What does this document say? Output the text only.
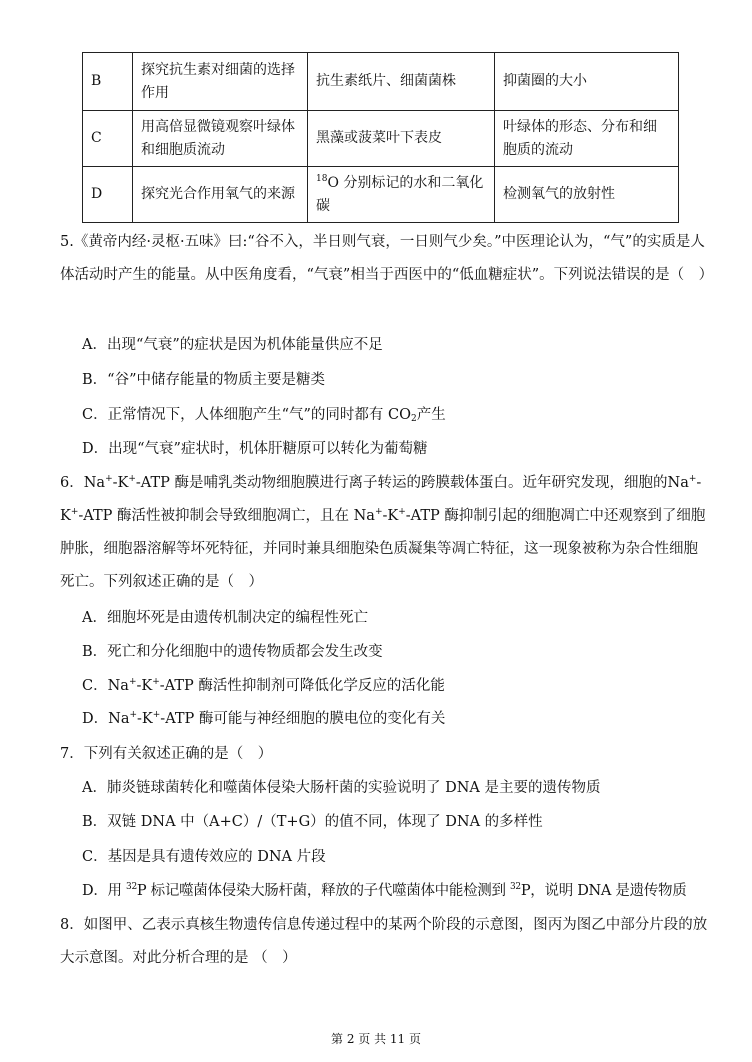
B	探究抗生素对细菌的选择作用	抗生素纸片、细菌菌株	抑菌圈的大小
C	用高倍显微镜观察叶绿体和细胞质流动	黑藻或菠菜叶下表皮	叶绿体的形态、分布和细胞质的流动
D	探究光合作用氧气的来源	$^{18}$O 分别标记的水和二氧化碳	检测氧气的放射性
5.《黄帝内经·灵枢·五味》曰:“谷不入，半日则气衰，一日则气少矣。”中医理论认为，“气”的实质是人体活动时产生的能量。从中医角度看，“气衰”相当于西医中的“低血糖症状”。下列说法错误的是（　）
A．出现“气衰”的症状是因为机体能量供应不足
B．“谷”中储存能量的物质主要是糖类
C．正常情况下，人体细胞产生“气”的同时都有 $CO_2$产生
D．出现“气衰”症状时，机体肝糖原可以转化为葡萄糖
6．Na+-K+-ATP 酶是哺乳类动物细胞膜进行离子转运的跨膜载体蛋白。近年研究发现，细胞的Na+-K+-ATP 酶活性被抑制会导致细胞凋亡，且在 Na+-K+-ATP 酶抑制引起的细胞凋亡中还观察到了细胞肿胀，细胞器溶解等坏死特征，并同时兼具细胞染色质凝集等凋亡特征，这一现象被称为杂合性细胞死亡。下列叙述正确的是（　）
A．细胞坏死是由遗传机制决定的编程性死亡
B．死亡和分化细胞中的遗传物质都会发生改变
C．Na+-K+-ATP 酶活性抑制剂可降低化学反应的活化能
D．Na+-K+-ATP 酶可能与神经细胞的膜电位的变化有关
7．下列有关叙述正确的是（　）
A．肺炎链球菌转化和噬菌体侵染大肠杆菌的实验说明了 DNA 是主要的遗传物质
B．双链 DNA 中（A+C）/（T+G）的值不同，体现了 DNA 的多样性
C．基因是具有遗传效应的 DNA 片段
D．用 $^{32}$P 标记噬菌体侵染大肠杆菌，释放的子代噬菌体中能检测到 $^{32}$P，说明 DNA 是遗传物质
8．如图甲、乙表示真核生物遗传信息传递过程中的某两个阶段的示意图，图丙为图乙中部分片段的放大示意图。对此分析合理的是 （　）
第 2 页 共 11 页
